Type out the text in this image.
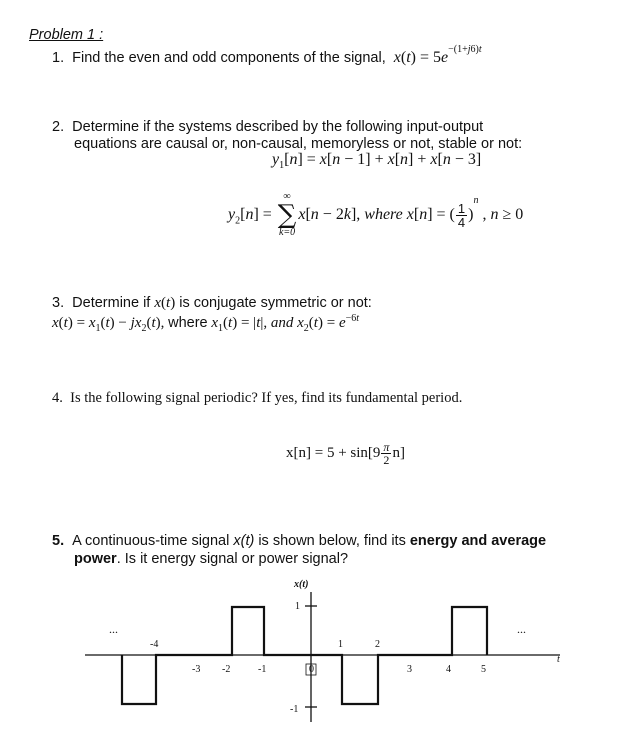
Problem 1 :
1. Find the even and odd components of the signal, $x(t) = 5e^{-(1+j6)t}$
2. Determine if the systems described by the following input-output
equations are causal or, non-causal, memoryless or not, stable or not:
$y_1[n] = x[n - 1] + x[n] + x[n - 3]$
$y_2[n]$ =
∞
∑
k=0
x[n − 2k], where x[n] = ( $\frac{1}{4} )^n$ , n ≥ 0
3. Determine if x(t) is conjugate symmetric or not:
$x(t) = x_1(t) - jx_2(t)$, where $x_1(t) = |t|$, and $x_2(t) = e^{-6t}$
4. Is the following signal periodic? If yes, find its fundamental period.
$x[n] = 5 + \sin[9 \frac{\pi}{2} n]$
5. A continuous-time signal x(t) is shown below, find its energy and average
power. Is it energy signal or power signal?
x(t)
t
1
-1
...	...
-4	1	2
-3 -2	-1	0	3	4	5
